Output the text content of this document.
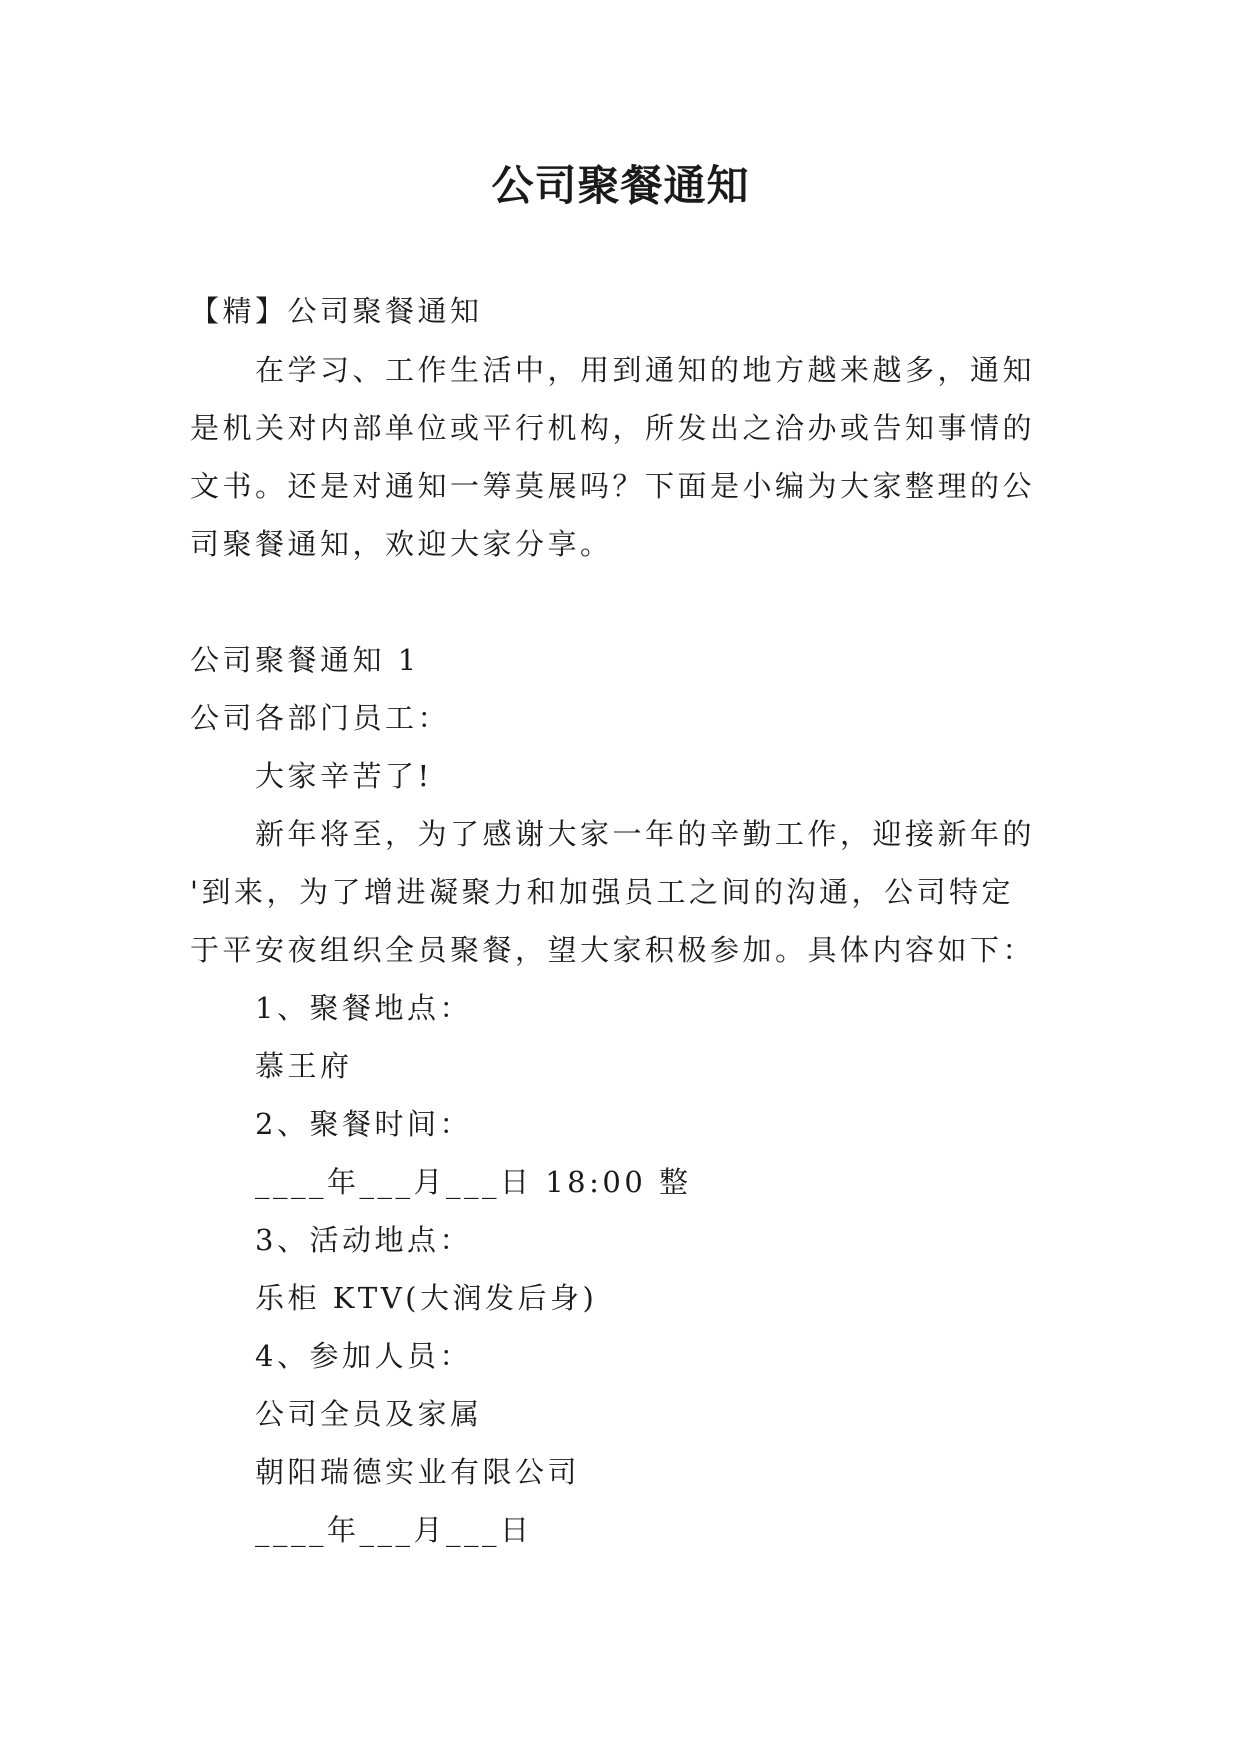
公司聚餐通知
【精】公司聚餐通知
在学习、工作生活中，用到通知的地方越来越多，通知
是机关对内部单位或平行机构，所发出之洽办或告知事情的
文书。还是对通知一筹莫展吗？下面是小编为大家整理的公
司聚餐通知，欢迎大家分享。
公司聚餐通知 1
公司各部门员工：
大家辛苦了!
新年将至，为了感谢大家一年的辛勤工作，迎接新年的
'到来，为了增进凝聚力和加强员工之间的沟通，公司特定
于平安夜组织全员聚餐，望大家积极参加。具体内容如下：
1、聚餐地点：
慕王府
2、聚餐时间：
____年___月___日 18:00 整
3、活动地点：
乐柜 KTV(大润发后身)
4、参加人员：
公司全员及家属
朝阳瑞德实业有限公司
____年___月___日
